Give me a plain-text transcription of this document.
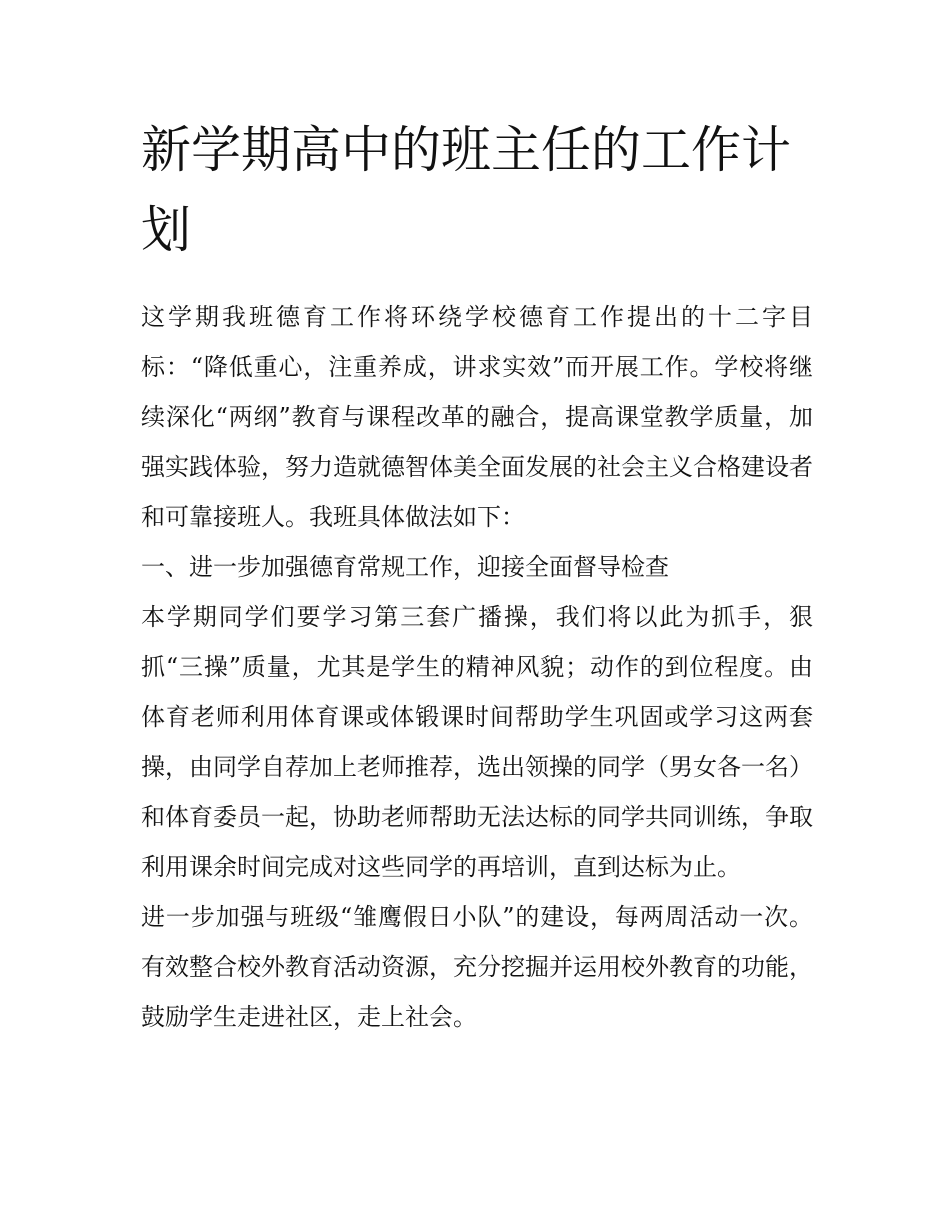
新学期高中的班主任的工作计划

这学期我班德育工作将环绕学校德育工作提出的十二字目标：“降低重心，注重养成，讲求实效”而开展工作。学校将继续深化“两纲”教育与课程改革的融合，提高课堂教学质量，加强实践体验，努力造就德智体美全面发展的社会主义合格建设者和可靠接班人。我班具体做法如下：

一、进一步加强德育常规工作，迎接全面督导检查

本学期同学们要学习第三套广播操，我们将以此为抓手，狠抓“三操”质量，尤其是学生的精神风貌；动作的到位程度。由体育老师利用体育课或体锻课时间帮助学生巩固或学习这两套操，由同学自荐加上老师推荐，选出领操的同学（男女各一名）和体育委员一起，协助老师帮助无法达标的同学共同训练，争取利用课余时间完成对这些同学的再培训，直到达标为止。

进一步加强与班级“雏鹰假日小队”的建设，每两周活动一次。有效整合校外教育活动资源，充分挖掘并运用校外教育的功能，鼓励学生走进社区，走上社会。
